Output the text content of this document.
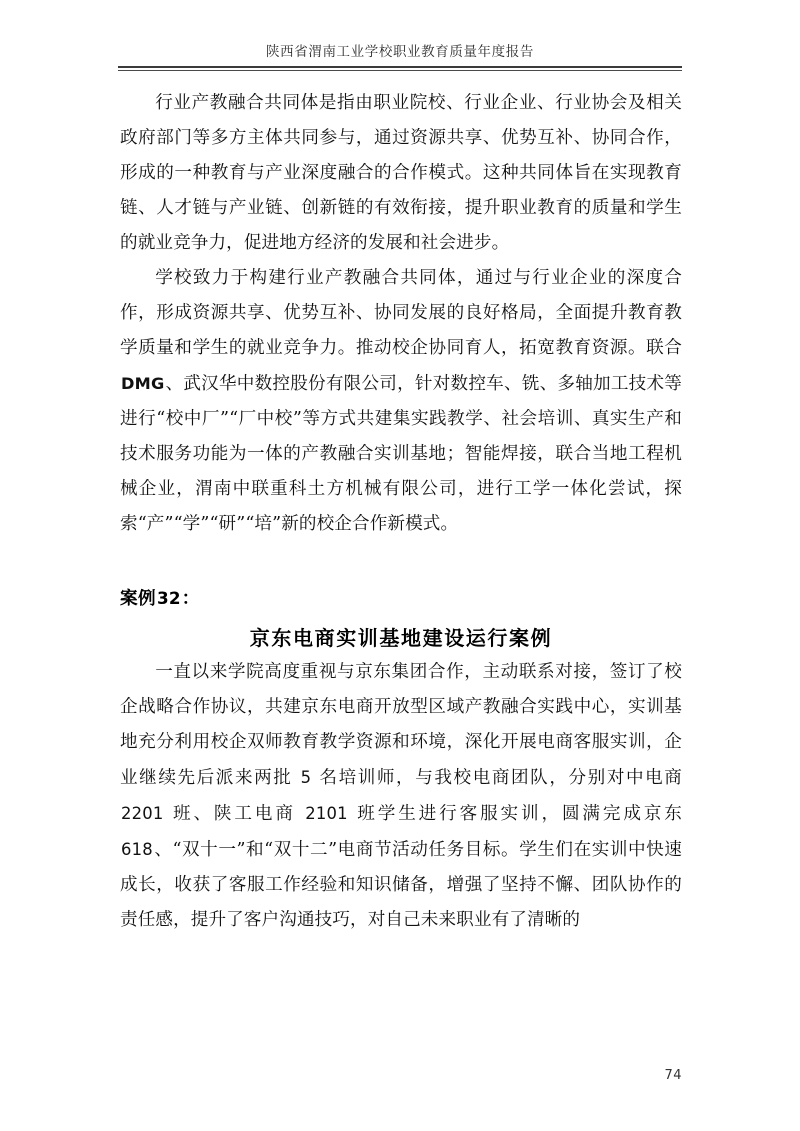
陕西省渭南工业学校职业教育质量年度报告

行业产教融合共同体是指由职业院校、行业企业、行业协会及相关政府部门等多方主体共同参与，通过资源共享、优势互补、协同合作，形成的一种教育与产业深度融合的合作模式。这种共同体旨在实现教育链、人才链与产业链、创新链的有效衔接，提升职业教育的质量和学生的就业竞争力，促进地方经济的发展和社会进步。

学校致力于构建行业产教融合共同体，通过与行业企业的深度合作，形成资源共享、优势互补、协同发展的良好格局，全面提升教育教学质量和学生的就业竞争力。推动校企协同育人，拓宽教育资源。联合 DMG、武汉华中数控股份有限公司，针对数控车、铣、多轴加工技术等进行“校中厂”“厂中校”等方式共建集实践教学、社会培训、真实生产和技术服务功能为一体的产教融合实训基地；智能焊接，联合当地工程机械企业，渭南中联重科土方机械有限公司，进行工学一体化尝试，探索“产”“学”“研”“培”新的校企合作新模式。

案例32：

京东电商实训基地建设运行案例

一直以来学院高度重视与京东集团合作，主动联系对接，签订了校企战略合作协议，共建京东电商开放型区域产教融合实践中心，实训基地充分利用校企双师教育教学资源和环境，深化开展电商客服实训，企业继续先后派来两批 5 名培训师，与我校电商团队，分别对中电商 2201 班、陕工电商 2101 班学生进行客服实训，圆满完成京东 618、“双十一”和“双十二”电商节活动任务目标。学生们在实训中快速成长，收获了客服工作经验和知识储备，增强了坚持不懈、团队协作的责任感，提升了客户沟通技巧，对自己未来职业有了清晰的

74
